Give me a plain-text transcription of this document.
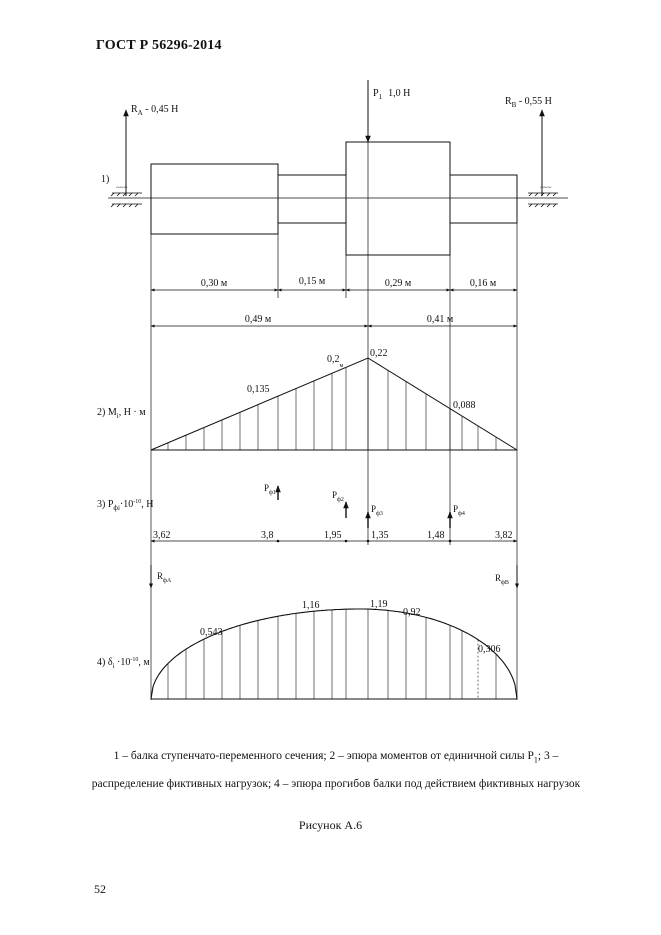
ГОСТ Р 56296-2014
$R_A - 0,45$ Н
$P_1$ 1,0 Н
$R_B - 0,55$ Н
1)
~~~	~~~
0,30 м	0,15 м	0,29 м	0,16 м
0,49 м	0,41 м
2) $M_i$, Н · м
$0,2_м$
0,22
0,135
0,088
3) $P_{фi}\cdot 10^{-10}$, Н
$P_{ф1}$	$P_{ф2}$
$P_{ф3}$	$P_{ф4}$
3,62	3,8	1,95	1,35	1,48	3,82
$R_{фA}$	$R_{фB}$
4) $\delta_i \cdot 10^{-10}$, м
0,543
1,16	1,19
0,92
0,306
1 – балка ступенчато-переменного сечения; 2 – эпюра моментов от единичной силы $P_1$; 3 – распределение фиктивных нагрузок; 4 – эпюра прогибов балки под действием фиктивных нагрузок
Рисунок А.6
52
